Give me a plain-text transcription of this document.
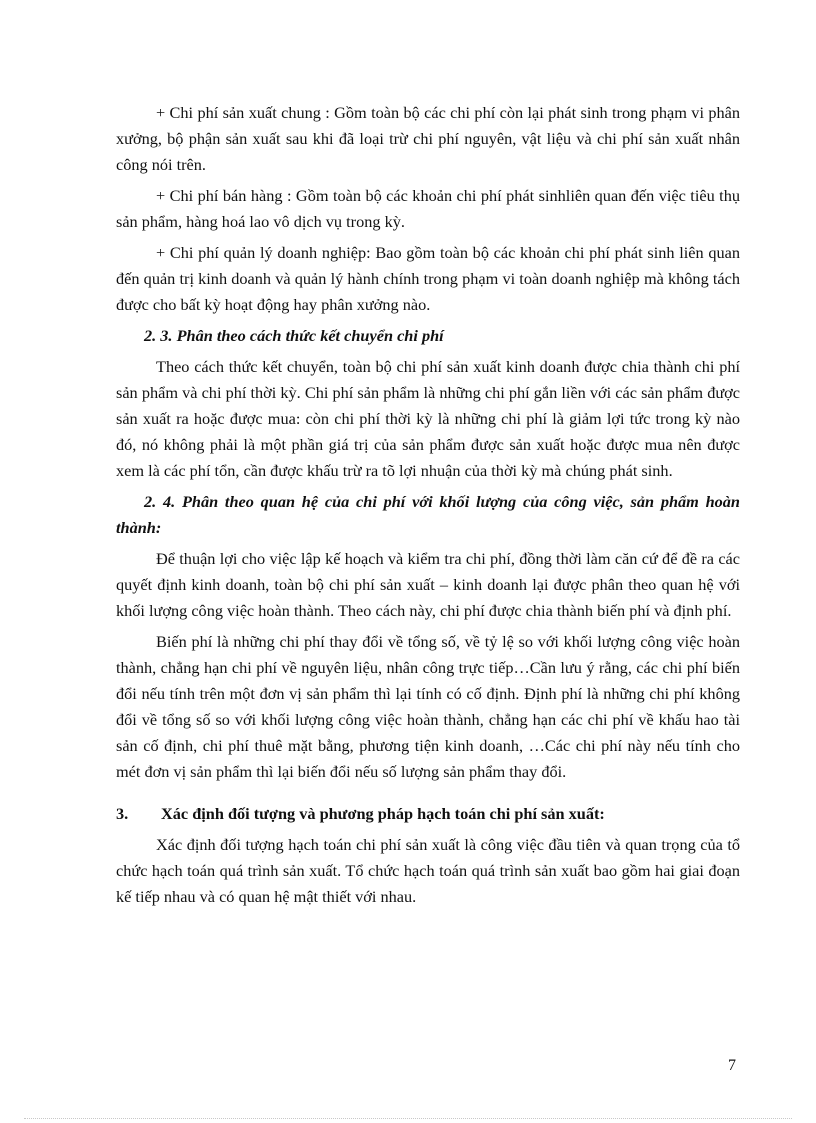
+ Chi phí sản xuất chung : Gồm toàn bộ các chi phí còn lại phát sinh trong phạm vi phân xưởng, bộ phận sản xuất sau khi đã loại trừ chi phí nguyên, vật liệu và chi phí sản xuất nhân công nói trên.

+ Chi phí bán hàng : Gồm toàn bộ các khoản chi phí phát sinhliên quan đến việc tiêu thụ sản phẩm, hàng hoá lao vô dịch vụ trong kỳ.

+ Chi phí quản lý doanh nghiệp: Bao gồm toàn bộ các khoản chi phí phát sinh liên quan đến quản trị kinh doanh và quản lý hành chính trong phạm vi toàn doanh nghiệp mà không tách được cho bất kỳ hoạt động hay phân xưởng nào.

2. 3. Phân theo cách thức kết chuyển chi phí

Theo cách thức kết chuyển, toàn bộ chi phí sản xuất kinh doanh được chia thành chi phí sản phẩm và chi phí thời kỳ. Chi phí sản phẩm là những chi phí gắn liền với các sản phẩm được sản xuất ra hoặc được mua: còn chi phí thời kỳ là những chi phí là giảm lợi tức trong kỳ nào đó, nó không phải là một phần giá trị của sản phẩm được sản xuất hoặc được mua nên được xem là các phí tổn, cần được khấu trừ ra tõ lợi nhuận của thời kỳ mà chúng phát sinh.

2. 4. Phân theo quan hệ của chi phí với khối lượng của công việc, sản phẩm hoàn thành:

Để thuận lợi cho việc lập kế hoạch và kiểm tra chi phí, đồng thời làm căn cứ để đề ra các quyết định kinh doanh, toàn bộ chi phí sản xuất – kinh doanh lại được phân theo quan hệ với khối lượng công việc hoàn thành. Theo cách này, chi phí được chia thành biến phí và định phí.

Biến phí là những chi phí thay đổi về tổng số, về tỷ lệ so với khối lượng công việc hoàn thành, chẳng hạn chi phí về nguyên liệu, nhân công trực tiếp…Cần lưu ý rằng, các chi phí biến đổi nếu tính trên một đơn vị sản phẩm thì lại tính có cố định. Định phí là những chi phí không đổi về tổng số so với khối lượng công việc hoàn thành, chẳng hạn các chi phí về khấu hao tài sản cố định, chi phí thuê mặt bằng, phương tiện kinh doanh, …Các chi phí này nếu tính cho mét đơn vị sản phẩm thì lại biến đổi nếu số lượng sản phẩm thay đổi.

3.	Xác định đối tượng và phương pháp hạch toán chi phí sản xuất:

Xác định đối tượng hạch toán chi phí sản xuất là công việc đầu tiên và quan trọng của tổ chức hạch toán quá trình sản xuất. Tổ chức hạch toán quá trình sản xuất bao gồm hai giai đoạn kế tiếp nhau và có quan hệ mật thiết với nhau.

7
